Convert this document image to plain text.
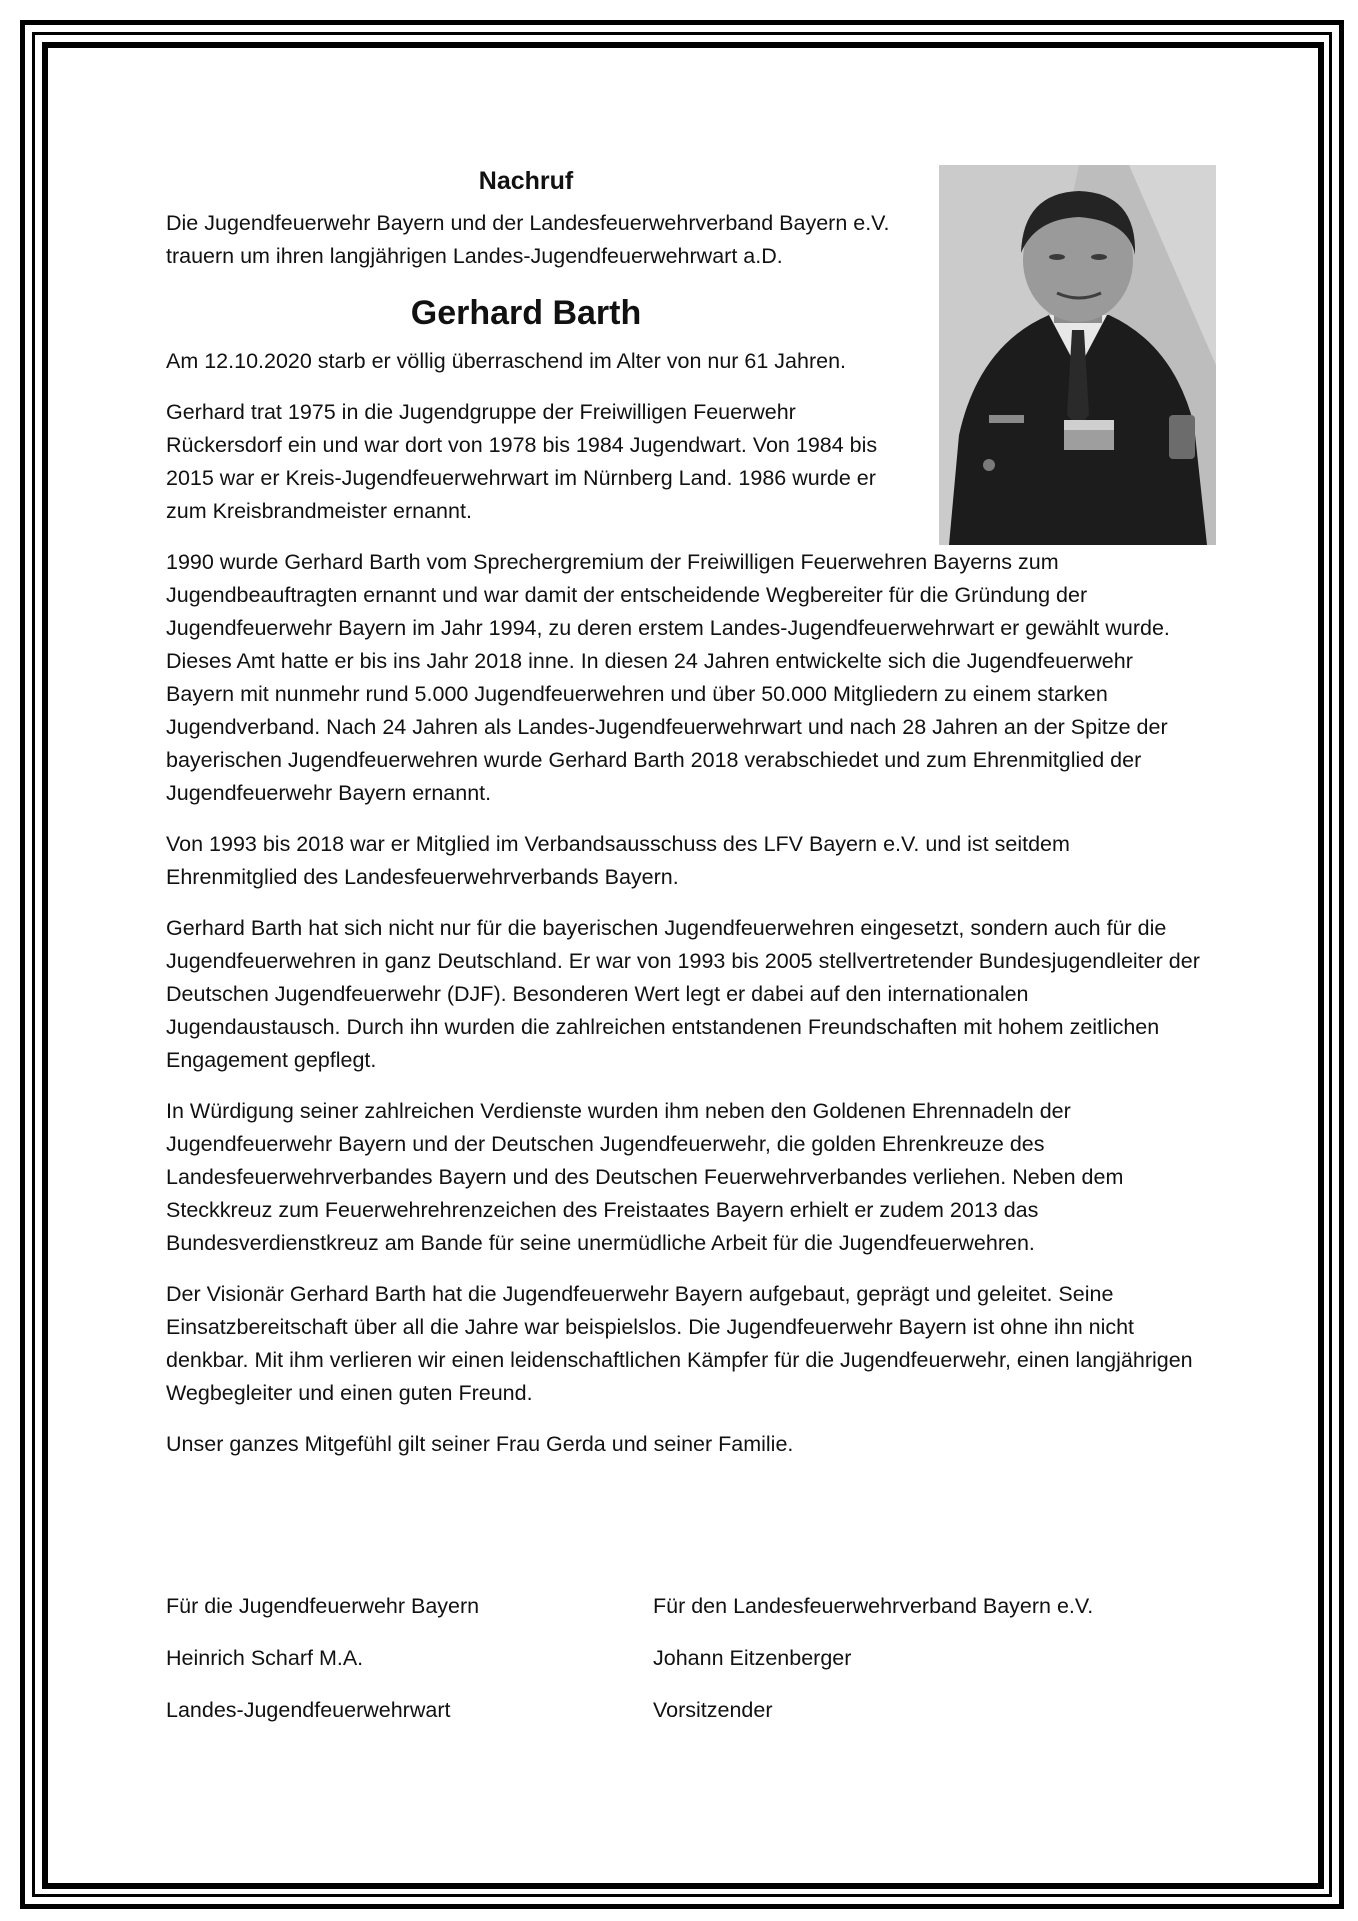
Nachruf

Die Jugendfeuerwehr Bayern und der Landesfeuerwehrverband Bayern e.V. trauern um ihren langjährigen Landes-Jugendfeuerwehrwart a.D.

Gerhard Barth

Am 12.10.2020 starb er völlig überraschend im Alter von nur 61 Jahren.

Gerhard trat 1975 in die Jugendgruppe der Freiwilligen Feuerwehr Rückersdorf ein und war dort von 1978 bis 1984 Jugendwart. Von 1984 bis 2015 war er Kreis-Jugendfeuerwehrwart im Nürnberg Land. 1986 wurde er zum Kreisbrandmeister ernannt.

1990 wurde Gerhard Barth vom Sprechergremium der Freiwilligen Feuerwehren Bayerns zum Jugendbeauftragten ernannt und war damit der entscheidende Wegbereiter für die Gründung der Jugendfeuerwehr Bayern im Jahr 1994, zu deren erstem Landes-Jugendfeuerwehrwart er gewählt wurde. Dieses Amt hatte er bis ins Jahr 2018 inne. In diesen 24 Jahren entwickelte sich die Jugendfeuerwehr Bayern mit nunmehr rund 5.000 Jugendfeuerwehren und über 50.000 Mitgliedern zu einem starken Jugendverband. Nach 24 Jahren als Landes-Jugendfeuerwehrwart und nach 28 Jahren an der Spitze der bayerischen Jugendfeuerwehren wurde Gerhard Barth 2018 verabschiedet und zum Ehrenmitglied der Jugendfeuerwehr Bayern ernannt.

Von 1993 bis 2018 war er Mitglied im Verbandsausschuss des LFV Bayern e.V. und ist seitdem Ehrenmitglied des Landesfeuerwehrverbands Bayern.

Gerhard Barth hat sich nicht nur für die bayerischen Jugendfeuerwehren eingesetzt, sondern auch für die Jugendfeuerwehren in ganz Deutschland. Er war von 1993 bis 2005 stellvertretender Bundesjugendleiter der Deutschen Jugendfeuerwehr (DJF). Besonderen Wert legt er dabei auf den internationalen Jugendaustausch. Durch ihn wurden die zahlreichen entstandenen Freundschaften mit hohem zeitlichen Engagement gepflegt.

In Würdigung seiner zahlreichen Verdienste wurden ihm neben den Goldenen Ehrennadeln der Jugendfeuerwehr Bayern und der Deutschen Jugendfeuerwehr, die golden Ehrenkreuze des Landesfeuerwehrverbandes Bayern und des Deutschen Feuerwehrverbandes verliehen. Neben dem Steckkreuz zum Feuerwehrehrenzeichen des Freistaates Bayern erhielt er zudem 2013 das Bundesverdienstkreuz am Bande für seine unermüdliche Arbeit für die Jugendfeuerwehren.

Der Visionär Gerhard Barth hat die Jugendfeuerwehr Bayern aufgebaut, geprägt und geleitet. Seine Einsatzbereitschaft über all die Jahre war beispielslos. Die Jugendfeuerwehr Bayern ist ohne ihn nicht denkbar. Mit ihm verlieren wir einen leidenschaftlichen Kämpfer für die Jugendfeuerwehr, einen langjährigen Wegbegleiter und einen guten Freund.

Unser ganzes Mitgefühl gilt seiner Frau Gerda und seiner Familie.

Für die Jugendfeuerwehr Bayern
Heinrich Scharf M.A.
Landes-Jugendfeuerwehrwart
Für den Landesfeuerwehrverband Bayern e.V.
Johann Eitzenberger
Vorsitzender
